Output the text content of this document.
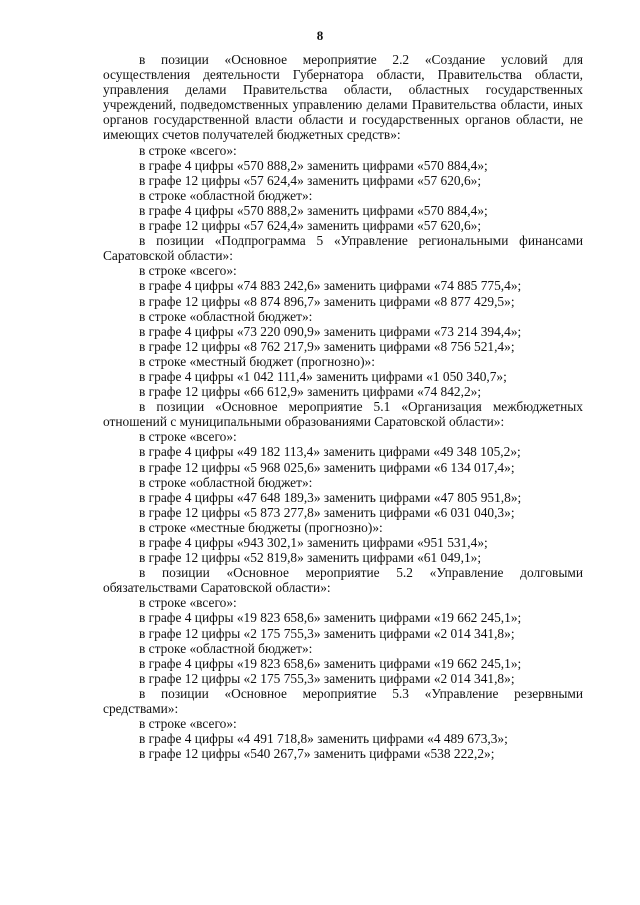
8

в позиции «Основное мероприятие 2.2 «Создание условий для осуществления деятельности Губернатора области, Правительства области, управления делами Правительства области, областных государственных учреждений, подведомственных управлению делами Правительства области, иных органов государственной власти области и государственных органов области, не имеющих счетов получателей бюджетных средств»:

в строке «всего»:

в графе 4 цифры «570 888,2» заменить цифрами «570 884,4»;

в графе 12 цифры «57 624,4» заменить цифрами «57 620,6»;

в строке «областной бюджет»:

в графе 4 цифры «570 888,2» заменить цифрами «570 884,4»;

в графе 12 цифры «57 624,4» заменить цифрами «57 620,6»;

в позиции «Подпрограмма 5 «Управление региональными финансами Саратовской области»:

в строке «всего»:

в графе 4 цифры «74 883 242,6» заменить цифрами «74 885 775,4»;

в графе 12 цифры «8 874 896,7» заменить цифрами «8 877 429,5»;

в строке «областной бюджет»:

в графе 4 цифры «73 220 090,9» заменить цифрами «73 214 394,4»;

в графе 12 цифры «8 762 217,9» заменить цифрами «8 756 521,4»;

в строке «местный бюджет (прогнозно)»:

в графе 4 цифры «1 042 111,4» заменить цифрами «1 050 340,7»;

в графе 12 цифры «66 612,9» заменить цифрами «74 842,2»;

в позиции «Основное мероприятие 5.1 «Организация межбюджетных отношений с муниципальными образованиями Саратовской области»:

в строке «всего»:

в графе 4 цифры «49 182 113,4» заменить цифрами «49 348 105,2»;

в графе 12 цифры «5 968 025,6» заменить цифрами «6 134 017,4»;

в строке «областной бюджет»:

в графе 4 цифры «47 648 189,3» заменить цифрами «47 805 951,8»;

в графе 12 цифры «5 873 277,8» заменить цифрами «6 031 040,3»;

в строке «местные бюджеты (прогнозно)»:

в графе 4 цифры «943 302,1» заменить цифрами «951 531,4»;

в графе 12 цифры «52 819,8» заменить цифрами «61 049,1»;

в позиции «Основное мероприятие 5.2 «Управление долговыми обязательствами Саратовской области»:

в строке «всего»:

в графе 4 цифры «19 823 658,6» заменить цифрами «19 662 245,1»;

в графе 12 цифры «2 175 755,3» заменить цифрами «2 014 341,8»;

в строке «областной бюджет»:

в графе 4 цифры «19 823 658,6» заменить цифрами «19 662 245,1»;

в графе 12 цифры «2 175 755,3» заменить цифрами «2 014 341,8»;

в позиции «Основное мероприятие 5.3 «Управление резервными средствами»:

в строке «всего»:

в графе 4 цифры «4 491 718,8» заменить цифрами «4 489 673,3»;

в графе 12 цифры «540 267,7» заменить цифрами «538 222,2»;
